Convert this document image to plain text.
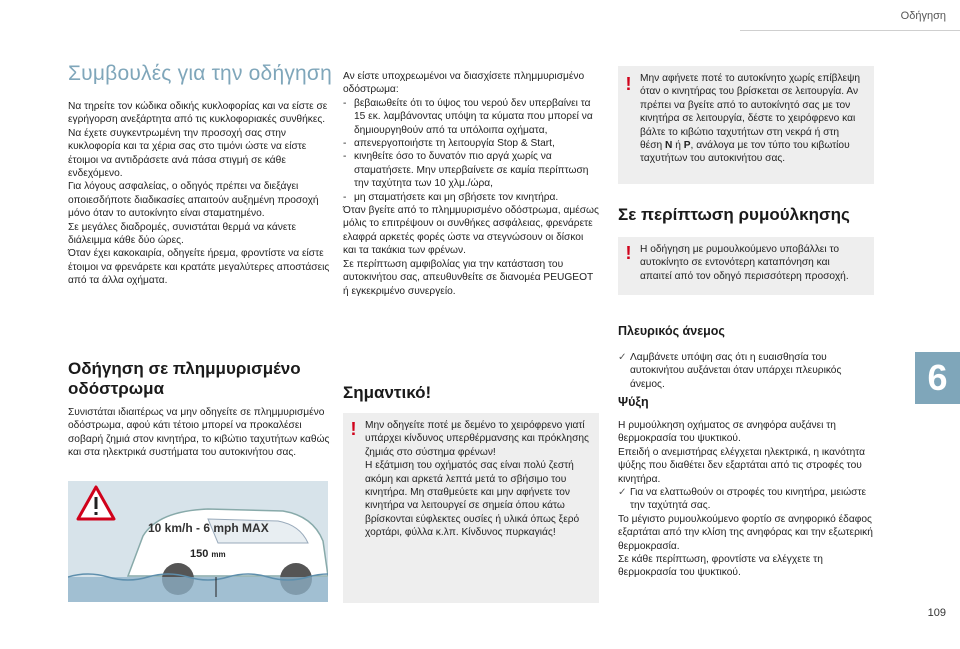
Οδήγηση
6
109
Συμβουλές για την οδήγηση

Να τηρείτε τον κώδικα οδικής κυκλοφορίας και να είστε σε εγρήγορση ανεξάρτητα από τις κυκλοφοριακές συνθήκες.

Να έχετε συγκεντρωμένη την προσοχή σας στην κυκλοφορία και τα χέρια σας στο τιμόνι ώστε να είστε έτοιμοι να αντιδράσετε ανά πάσα στιγμή σε κάθε ενδεχόμενο.

Για λόγους ασφαλείας, ο οδηγός πρέπει να διεξάγει οποιεσδήποτε διαδικασίες απαιτούν αυξημένη προσοχή μόνο όταν το αυτοκίνητο είναι σταματημένο.

Σε μεγάλες διαδρομές, συνιστάται θερμά να κάνετε διάλειμμα κάθε δύο ώρες.

Όταν έχει κακοκαιρία, οδηγείτε ήρεμα, φροντίστε να είστε έτοιμοι να φρενάρετε και κρατάτε μεγαλύτερες αποστάσεις από τα άλλα οχήματα.

Οδήγηση σε πλημμυρισμένο
οδόστρωμα
Συνιστάται ιδιαιτέρως να μην οδηγείτε σε πλημμυρισμένο οδόστρωμα, αφού κάτι τέτοιο μπορεί να προκαλέσει σοβαρή ζημιά στον κινητήρα, το κιβώτιο ταχυτήτων καθώς και στα ηλεκτρικά συστήματα του αυτοκινήτου σας.
10 km/h - 6 mph MAX
150 mm

Αν είστε υποχρεωμένοι να διασχίσετε πλημμυρισμένο οδόστρωμα:

- βεβαιωθείτε ότι το ύψος του νερού δεν υπερβαίνει τα 15 εκ. λαμβάνοντας υπόψη τα κύματα που μπορεί να δημιουργηθούν από τα υπόλοιπα οχήματα,

- απενεργοποιήστε τη λειτουργία Stop & Start,

- κινηθείτε όσο το δυνατόν πιο αργά χωρίς να σταματήσετε. Μην υπερβαίνετε σε καμία περίπτωση την ταχύτητα των 10 χλμ./ώρα,

- μη σταματήσετε και μη σβήσετε τον κινητήρα.

Όταν βγείτε από το πλημμυρισμένο οδόστρωμα, αμέσως μόλις το επιτρέψουν οι συνθήκες ασφάλειας, φρενάρετε ελαφρά αρκετές φορές ώστε να στεγνώσουν οι δίσκοι και τα τακάκια των φρένων.

Σε περίπτωση αμφιβολίας για την κατάσταση του αυτοκινήτου σας, απευθυνθείτε σε διανομέα PEUGEOT ή εγκεκριμένο συνεργείο.

Σημαντικό!
! Μην οδηγείτε ποτέ με δεμένο το χειρόφρενο γιατί υπάρχει κίνδυνος υπερθέρμανσης και πρόκλησης ζημιάς στο σύστημα φρένων!

Η εξάτμιση του οχήματός σας είναι πολύ ζεστή ακόμη και αρκετά λεπτά μετά το σβήσιμο του κινητήρα. Μη σταθμεύετε και μην αφήνετε τον κινητήρα να λειτουργεί σε σημεία όπου κάτω βρίσκονται εύφλεκτες ουσίες ή υλικά όπως ξερό χορτάρι, φύλλα κ.λπ. Κίνδυνος πυρκαγιάς!

! Μην αφήνετε ποτέ το αυτοκίνητο χωρίς επίβλεψη όταν ο κινητήρας του βρίσκεται σε λειτουργία. Αν πρέπει να βγείτε από το αυτοκίνητό σας με τον κινητήρα σε λειτουργία, δέστε το χειρόφρενο και βάλτε το κιβώτιο ταχυτήτων στη νεκρά ή στη θέση N ή P, ανάλογα με τον τύπο του κιβωτίου ταχυτήτων του αυτοκινήτου σας.
Σε περίπτωση ρυμούλκησης
! Η οδήγηση με ρυμουλκούμενο υποβάλλει το αυτοκίνητο σε εντονότερη καταπόνηση και απαιτεί από τον οδηγό περισσότερη προσοχή.
Πλευρικός άνεμος

✓ Λαμβάνετε υπόψη σας ότι η ευαισθησία του αυτοκινήτου αυξάνεται όταν υπάρχει πλευρικός άνεμος.

Ψύξη

Η ρυμούλκηση οχήματος σε ανηφόρα αυξάνει τη θερμοκρασία του ψυκτικού.

Επειδή ο ανεμιστήρας ελέγχεται ηλεκτρικά, η ικανότητα ψύξης που διαθέτει δεν εξαρτάται από τις στροφές του κινητήρα.

✓ Για να ελαττωθούν οι στροφές του κινητήρα, μειώστε την ταχύτητά σας.

Το μέγιστο ρυμουλκούμενο φορτίο σε ανηφορικό έδαφος εξαρτάται από την κλίση της ανηφόρας και την εξωτερική θερμοκρασία.

Σε κάθε περίπτωση, φροντίστε να ελέγχετε τη θερμοκρασία του ψυκτικού.
